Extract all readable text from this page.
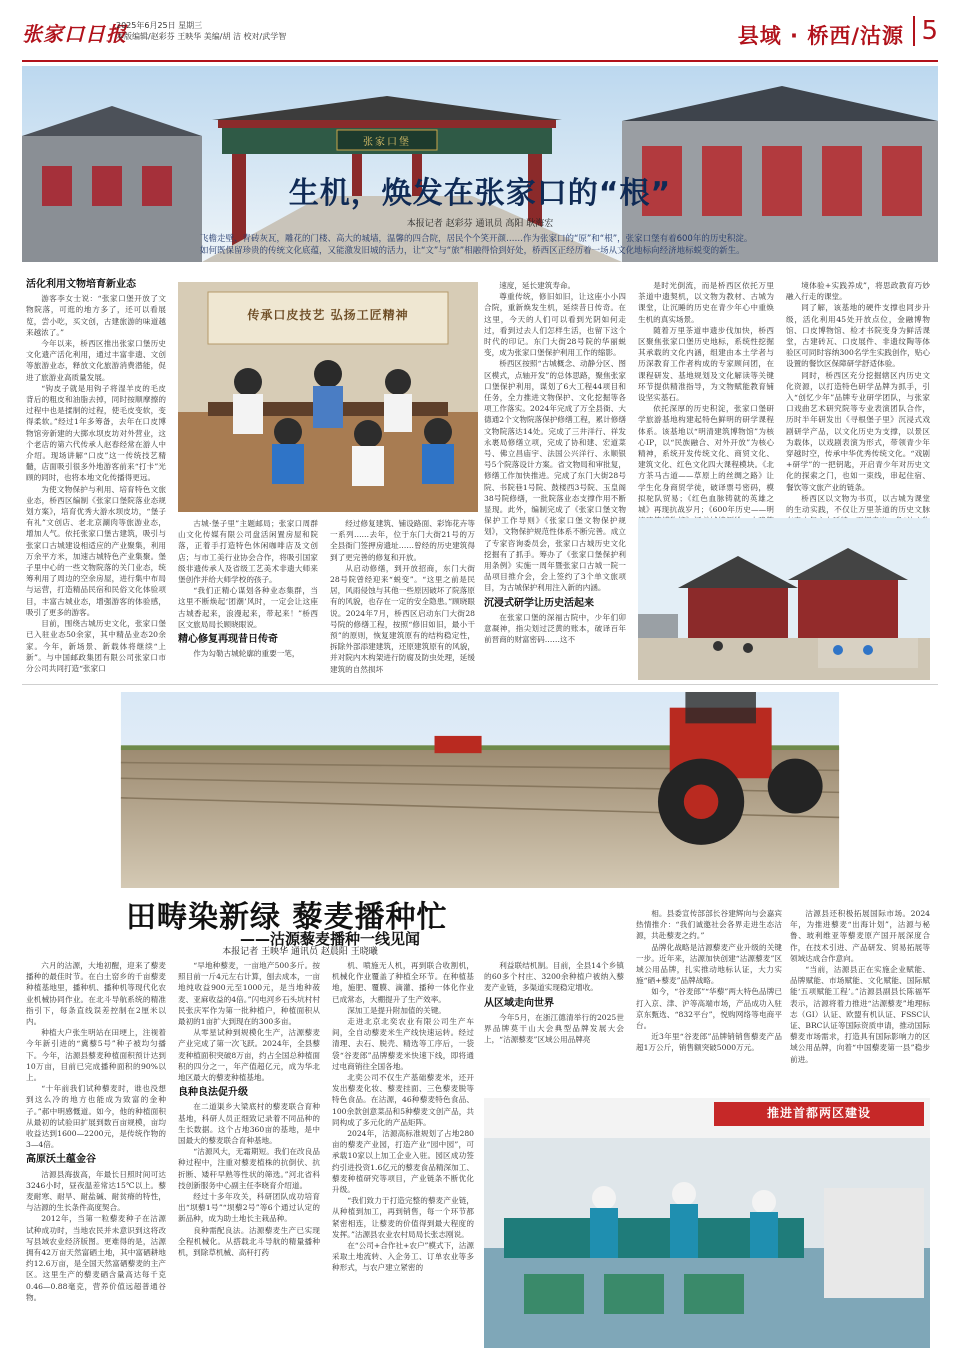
张家口日报
2025年6月25日 星期三
本版编辑/赵彩芬 王映华 美编/胡 洁 校对/武学智	县域 · 桥西/沽源 5
张家口堡
生机，焕发在张家口的“根”
本报记者 赵彩芬 通讯员 高阳 耿海宏
飞檐走壁、青砖灰瓦，雕花的门楼、高大的城墙，温馨的四合院，居民个个笑开颜……作为张家口的“原”和“根”，张家口堡有着600年的历史积淀。如何既保留珍贵的传统文化底蕴，又能激发旧城的活力，让“文”与“旅”相融得恰到好处，桥西区正经历着一场从文化地标向经济地标蜕变的新生。
活化利用文物培育新业态

游客李女士说：“张家口堡开放了文物院落，可逛的地方多了，还可以看展览，尝小吃，买文创，古建旅游的味道越来越浓了。”

今年以来，桥西区推出张家口堡历史文化遗产活化利用，通过丰富非遗、文创等旅游业态，释放文化旅游消费潜能，促进了旅游业高质量发展。

“钩皮子就是用钩子将湿羊皮的毛皮背后的粗皮和油脂去掉，同时按顺摩擦的过程中也是揉制的过程，使毛皮变软，变得柔软。”经过1年多筹备，去年在口皮博物馆旁新建的大掷水坝皮坊对外营业，这个老店的第六代传承人赵春经常在游人中介绍。现场讲解“口皮”这一传统技艺精髓，店面吸引很多外地游客前来“打卡”光顾的同时，也将本地文化传播得更远。

为使文物保护与利用、培育特色文旅业态，桥西区编制《张家口堡院落业态规划方案》，培育优秀大游水坝皮坊，“堡子有礼”文创店、老北京涮肉等旅游业态，增加人气。依托张家口堡古建筑，吸引与张家口古城建设相适应的产业聚集，利用万余平方米，加速古城特色产业集聚。堡子里中心的一些文物院落的关门业态，统筹利用了周边的空余房屋，进行集中布局与运营，打造精品民宿和民俗文化体验项目，丰富古城业态，增强游客的体验感，吸引了更多的游客。

目前，围绕古城历史文化，张家口堡已入驻业态50余家，其中精品业态20余家。今年，新场景、新载体将继续“上新”。与中国邮政集团有限公司张家口市分公司共同打造“张家口

传承口皮技艺 弘扬工匠精神

古城·堡子里”主题邮局；张家口周群山文化传媒有限公司盘活闲置房屋和院落，正着手打造特色休闲咖啡店及文创店；与市工美行业协会合作，将吸引国家级非遗传承人及省级工艺美术非遗大师来堡创作并给大师学校的孩子。

“我们正精心谋划各种业态集群，当这里不断焕起‘团潮’风时，一定会让这座古城香起来，浪漫起来，带起来！”桥西区文旅局局长顾晓眼说。

精心修复再现昔日传奇

作为勾勒古城轮廓的重要一笔，

经过修复建筑、铺设路面、彩饰花卉等一系列……去年，位于东门大街21号的万全县衙门签押房遗址……曾经的历史建筑得到了更完善的修复和开放。

从启动修缮，到开放招商，东门大街28号院曾经迎来“蜕变”。“这里之前是民居，风雨侵蚀与其他一些原因破坏了院落原有的风貌，也存在一定的安全隐患。”顾晓眼说。2024年7月，桥西区启动东门大街28号院的修缮工程，按照“修旧如旧，最小干预”的原则，恢复建筑原有的结构稳定性，拆除外部添建建筑，还原建筑原有的风貌，并对院内木构架进行防腐及防虫处理，延缓建筑的自然损坏

速度，延长建筑寿命。

尊重传统，修旧如旧，让这座小小四合院，重新焕发生机，延续昔日传奇。在这里，今天的人们可以看到光阴如何走过，看到过去人们怎样生活，也留下这个时代的印记。东门大街28号院的华丽蜕变，成为张家口堡保护利用工作的缩影。

桥西区按照“古城概念、动静分区、图区模式，点轴开发”的总体思路，聚焦张家口堡保护利用，谋划了6大工程44项目和任务，全力推进文物保护、文化挖掘等各项工作落实。2024年完成了万全县衙、大德通2个文物院落保护修缮工程，累计修缮文物院落达14处。完成了三井洋行、祥发永裹局修缮立项，完成了协和建、宏道菜号、佛立昌庙宇、法国公兴洋行、永顺银号5个院落设计方案。省文物局和审批复，修缮工作加快推进。完成了东门大街28号院、书院巷1号院、鼓楼西3号院、玉皇阁38号院修缮，一批院落业态支撑作用不断显现。此外，编制完成了《张家口堡文物保护工作导则》《张家口堡文物保护规划》，文物保护规范性体系不断完善。成立了专家咨询委员会，张家口古城历史文化挖掘有了抓手。筹办了《张家口堡保护利用条例》实施一周年暨张家口古城一院一品项目推介会，会上签约了3个单文旅项目，为古城保护利用注入新的内涵。

沉浸式研学让历史活起来

在张家口堡的深福古院中，少年们卯意凝神，指尖划过泛黄的账本，破译百年前晋商的财富密码……这不

是时光倒流，而是桥西区依托万里茶道中遗契机，以文物为教材、古城为课堂，让沉睡的历史在青少年心中重焕生机的真实场景。

随着万里茶道申遗步伐加快，桥西区聚焦张家口堡历史地标，系统性挖掘其承载的文化内涵，组建由本土学者与历深教育工作者构成的专家顾问团，在课程研发、基地规划及文化解读等关键环节提供精准指导，为文物赋能教育铺设坚实基石。

依托深厚的历史积淀，张家口堡研学旅游基地构建起特色鲜明的研学课程体系。该基地以“明清建筑博物馆”为核心IP，以“民族融合、对外开放”为核心精神，系统开发传统文化、商贸文化、建筑文化、红色文化四大课程模块。《北方茶马古道——草原上的丝绸之路》让学生化身商贸学徒，破译票号密码，模拟驼队贸易；《红色血脉铸就的英雄之城》再现抗战岁月；《600年历史——明

境体验+实践养成”，将思政教育巧妙融入行走的课堂。

同了解，该基地的硬件支撑也同步升级，活化利用45处开放点位，金融博物馆、口皮博物馆、检才书院变身为鲜活课堂，古建砖瓦、口皮展件、非遗纹陶等体验区可同时容纳300名学生实践创作，贴心设置的餐饮区保障研学舒适体验。

同时，桥西区充分挖掘辖区内历史文化资源，以打造特色研学品牌为抓手，引入“创忆少年”品牌专业研学团队，与张家口戏曲艺术研究院等专业表演团队合作，历时半年研发出《寻根堡子里》沉浸式戏剧研学产品，以文化历史为支撑，以景区为载体，以戏剧表演为形式，带领青少年穿越时空，传承中华优秀传统文化。“戏剧+研学”的一把钥匙，开启青少年对历史文化的探索之门，也如一束线，串起住宿、餐饮等文旅产业的链条。

桥西区以文物为书页，以古城为课堂的生动实践，不仅让万里茶道的历史文脉

田畴染新绿 藜麦播种忙
——沽源藜麦播种一线见闻
本报记者 王映华 通讯员 赵晨阳 王晓曦

六月的沽源，大地初醒，迎来了藜麦播种的最佳时节。在白土窑乡的千亩藜麦种植基地里，播种机、播种机等现代化农业机械协同作业。在北斗导航系统的精准指引下，每条直线误差控制在2厘米以内。

种植大户张生明站在田埂上，注视着今年新引进的“冀藜5号”种子被均匀播下。今年，沽源县藜麦种植面积预计达到10万亩，目前已完成播种面积的90%以上。

“十年前我们试种藜麦时，谁也没想到这么冷的地方也能成为致富的金种子。”郝中明感慨道。如今，他的种植面积从最初的试验田扩展到数百亩规模，亩均收益达到1600—2200元，是传统作物的3—4倍。

高原沃土蕴金谷

沽源县海拔高，年最长日照时间可达3246小时，昼夜温差常达15℃以上。藜麦耐寒、耐旱、耐盐碱、耐贫瘠的特性，与沽源的生长条件高度契合。

2012年，当第一粒藜麦种子在沽源试种成功时，当地农民并未意识到这将改写县域农业经济版图。更难得的是，沽源拥有42万亩天然富硒土地，其中富硒耕地约12.6万亩，是全国天然富硒藜麦的主产区。这里生产的藜麦硒含量高达每千克0.46—0.88毫克，营养价值远超普通谷物。

“早地种藜麦，一亩地产500多斤。按照目前一斤4元左右计算，刨去成本，一亩地纯收益900元至1000元，是当地种莜麦、亚麻收益的4倍。”闪电河乡石头坑村村民张庆军作为第一批种植户，种植面积从最初的1亩扩大到现在的300多亩。

从零星试种到规模化生产，沽源藜麦产业完成了第一次飞跃。2024年，全县藜麦种植面积突破8万亩，约占全国总种植面积的四分之一，年产值超亿元，成为华北地区最大的藜麦种植基地。

良种良法促升级

在二道渠乡大梁底村的藜麦联合育种基地，科研人员正细致记录着不同品种的生长数据。这个占地360亩的基地，是中国最大的藜麦联合育种基地。

“沽源风大，无霜期短。我们在改良品种过程中，注重对藜麦植株的抗倒伏、抗折断、矮秆早熟等性状的筛选。”河北省科技创新服务中心副主任李晓育介绍道。

经过十多年攻关，科研团队成功培育出“坝藜1号”“坝藜2号”等6个通过认定的新品种，成为助土地长主栽品种。

良种需配良法。沽源藜麦生产已实现全程机械化。从搭载北斗导航的精量播种机，到除草机械、高秆打药

机、喷施无人机，再到联合收割机，机械化作业覆盖了种植全环节。在种植基地，施肥、覆膜、滴灌、播种一体化作业已成常态，大棚提升了生产效率。

深加工是提升附加值的关键。

走进北京北奕农业有限公司生产车间，全自动藜麦米生产线快速运转。经过清理、去石、脱壳、精选等工序后，一袋袋“谷麦郎”品牌藜麦米快速下线，即将通过电商销往全国各地。

北奕公司不仅生产基础藜麦米，还开发出藜麦化妆、藜麦挂面、三色藜麦脱等特色食品。在沽源，46种藜麦特色食品、100余款创意菜品和5种藜麦文创产品，共同构成了多元化的产品矩阵。

2024年，沽源高标准规划了占地280亩的藜麦产业园，打造产业“园中园”，可承载10家以上加工企业入驻。园区成功签约引进投资1.6亿元的藜麦食品精深加工、藜麦种植研究等项目，产业链条不断优化升级。

“我们致力于打造完整的藜麦产业链，从种植到加工，再到销售，每一个环节都紧密相连，让藜麦的价值得到最大程度的发挥。”沽源县农业农村局局长张志刚说。

在“公司+合作社+农户”模式下，沽源采取土地流转、入企务工、订单农业等多种形式，与农户建立紧密的

利益联结机制。目前，全县14个乡镇的60多个村庄、3200余种植户被纳入藜麦产业链，多渠道实现稳定增收。

从区域走向世界

今年5月，在浙江德清举行的2025世界品牌莫干山大会典型品牌发展大会上，“沽源藜麦”区域公用品牌亮

相。县委宣传部部长谷建辉向与会嘉宾热情推介：“我们诚邀社会各界走进生态沽源，共赴藜麦之约。”

品牌化战略是沽源藜麦产业升级的关键一步。近年来，沽源加快创建“沽源藜麦”区域公用品牌，扎实推动地标认证，大力实施“硒+藜麦”品牌战略。

如今，“谷麦郎”“华藜”两大特色品牌已打入京、津、沪等高端市场，产品成功入驻京东甄选、“832平台”，悦购网络等电商平台。

近3年里“谷麦郎”品牌销销售藜麦产品超1万公斤，销售额突破5000万元。

沽源县还积极拓展国际市场。2024年，为推进藜麦“出海计划”，沽源与秘鲁、玻利维亚等藜麦原产国开展深度合作，在技术引进、产品研发、贸易拓展等领域达成合作意向。

“当前，沽源县正在实施企业赋能、品牌赋能、市场赋能、文化赋能、国际赋能‘五项赋能工程’。”沽源县副县长陈福军表示，沽源将着力推进“沽源藜麦”地理标志（GI）认证、欧盟有机认证、FSSC认证、BRC认证等国际资质申请，推动国际藜麦市场需求，打造具有国际影响力的区域公用品牌，向着“中国藜麦第一县”稳步前进。

推进首都两区建设
